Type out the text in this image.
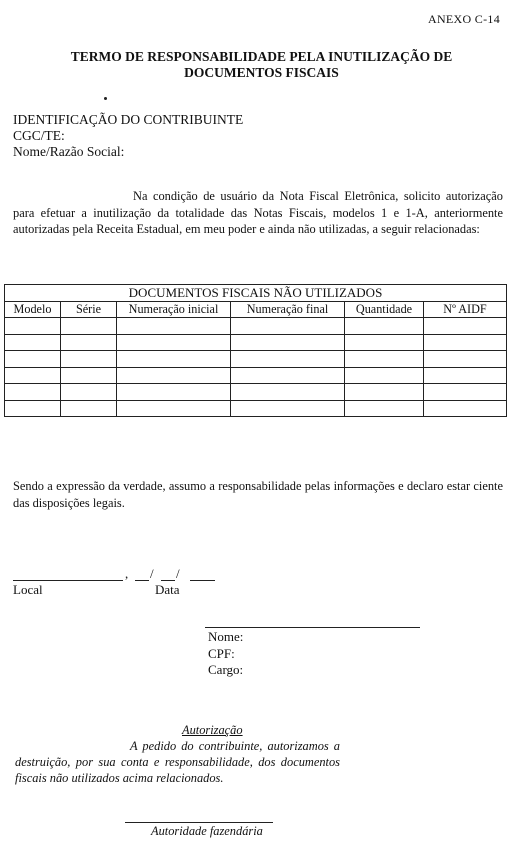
ANEXO C-14
TERMO DE RESPONSABILIDADE PELA INUTILIZAÇÃO DE
DOCUMENTOS FISCAIS
IDENTIFICAÇÃO DO CONTRIBUINTE
CGC/TE:
Nome/Razão Social:
Na condição de usuário da Nota Fiscal Eletrônica, solicito autorização para efetuar a inutilização da totalidade das Notas Fiscais, modelos 1 e 1-A, anteriormente autorizadas pela Receita Estadual, em meu poder e ainda não utilizadas, a seguir relacionadas:
DOCUMENTOS FISCAIS NÃO UTILIZADOS					
Modelo	Série	Numeração inicial	Numeração final	Quantidade	Nº AIDF

Sendo a expressão da verdade, assumo a responsabilidade pelas informações e declaro estar ciente das disposições legais.
, / /
Local	Data
Nome:
CPF:
Cargo:
Autorização
A pedido do contribuinte, autorizamos a destruição, por sua conta e responsabilidade, dos documentos fiscais não utilizados acima relacionados.
Autoridade fazendária
